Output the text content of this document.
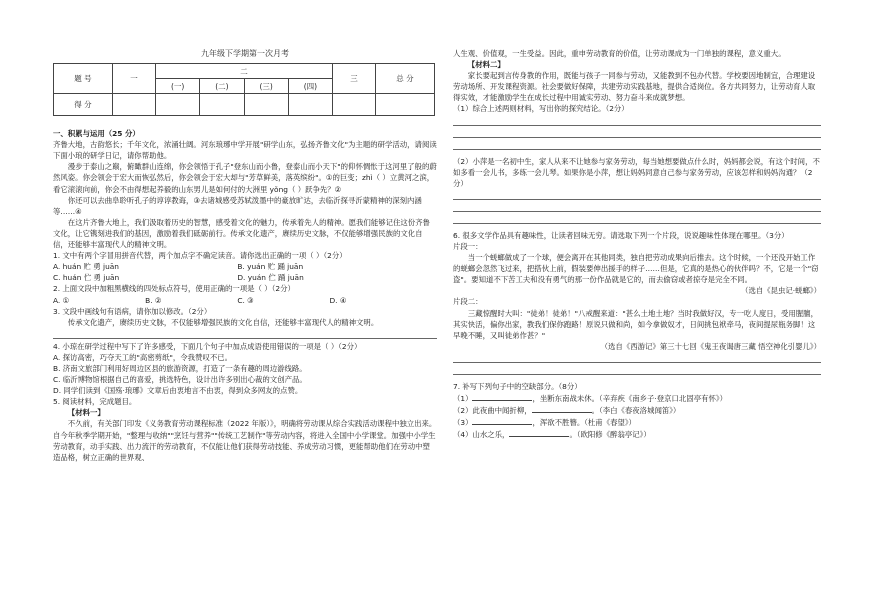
九年级下学期第一次月考
题 号	一	二				三	总 分
		(一)	(二)	(三)	(四)		
得 分							

一、积累与运用（25 分）

齐鲁大地，古韵悠长；千年文化，浓涌壮阔。河东琅琊中学开展"研学山东，弘扬齐鲁文化"为主题的研学活动，请阅读下面小琅的研学日记，请你帮助他。

漫步于泰山之巅，俯瞰群山连绵，你会领悟于孔子"登东山而小鲁，登泰山而小天下"的仰怀惆怅于这河里了般的蔚然风姿。你会领会于宏大而恢弘然后，你会领会于宏大却与"芳草鲜美，落英缤纷"。①的巨变；zhì（ ）立黄河之滨，看它滚滚向前，你会不由得想起养毅的山东男儿是如何付的大洲里 yǒng（ ）跃争先？②

你还可以去曲阜聆听孔子的谆谆教诲，③去诸城感受苏轼泼墨中的豪放旷达，去临沂探寻沂蒙精神的深刻内涵等……④

在这片齐鲁大地上，我们汲取着历史的智慧，感受着文化的魅力，传承着先人的精神。愿我们能够记住这份齐鲁文化，让它镌刻进我们的基因，激励着我们砥砺前行。传承文化遗产，赓续历史文脉，不仅能够增强民族的文化自信，还能够丰富现代人的精神文明。

1. 文中有两个字冒用拼音代替，两个加点字不确定读音。请你选出正确的一项（ ）（2分）

A. huán 贮 勇 juān	B. yuán 贮 踊 juān C. huán 伫 勇 juān	D. yuán 伫 踊 juān

2. 上面文段中加粗黑横线的四处标点符号，使用正确的一项是（ ）（2分）

A. ①	B. ②	C. ③	D. ④

3. 文段中画线句有语病，请你加以修改。（2分）

传承文化遗产，赓续历史文脉，不仅能够增强民族的文化自信，还能够丰富现代人的精神文明。

4. 小琼在研学过程中写下了许多感受，下面几个句子中加点成语使用错误的一项是（ ）（2分）

A. 探访高密，巧夺天工的"高密剪纸"，令我赞叹不已。

B. 济南文旅部门利用好周边区县的旅游资源，打造了一条有趣的周边游线路。

C. 临沂博物馆根据自己的喜爱，挑选特色，设计出许多别出心裁的文创产品。

D. 同学们读到《国殇·琅琊》文章后由衷地言不由衷，得到众多网友的点赞。

5. 阅读材料，完成题目。

【材料一】

不久前，有关部门印发《义务教育劳动课程标准（2022 年版）》，明确将劳动课从综合实践活动课程中独立出来。自今年秋季学期开始，"整理与收纳""烹饪与营养""传统工艺制作"等劳动内容，将进入全国中小学课堂。加强中小学生劳动教育，动手实践、出力流汗的劳动教育，不仅能让他们获得劳动技能、养成劳动习惯，更能帮助他们在劳动中塑造品格，树立正确的世界观、

人生观、价值观，一生受益。因此，重申劳动教育的价值，让劳动课成为一门单独的课程，意义重大。

【材料二】

家长要起到言传身教的作用，既能与孩子一同参与劳动，又能教到不包办代替。学校要因地制宜，合理建设劳动场所、开发课程资源。社会要做好保障，共建劳动实践基地，提供合适岗位。各方共同努力，让劳动育人取得实效，才能激励学生在成长过程中用诚实劳动、努力奋斗来成就梦想。

（1）综合上述两则材料，写出你的探究结论。（2分）

（2）小萍是一名初中生，家人从来不让她参与家务劳动，每当她想要做点什么时，妈妈都会说，有这个时间，不如多看一会儿书，多练一会儿琴。如果你是小萍，想让妈妈同意自己参与家务劳动，应该怎样和妈妈沟通？（2分）

6. 很多文学作品具有趣味性，让读者回味无穷。请选取下列一个片段，说说趣味性体现在哪里。（3分）

片段一：

当一个蜣螂做成了一个球，便会离开在其他同类，独自把劳动成果向后推去。这个时候，一个还没开始工作的蜣螂会忽然飞过来，把搭伙上前，假装要伸出援手的样子……但是，它真的是热心的伙伴吗？不，它是一个"窃盗"。要知道不下苦工夫和没有勇气的那一份作品就是它的，而去偷窃或者掠夺是完全不同。

（选自《昆虫记·蜣螂》）

片段二：

三藏惊醒时大叫："徒弟！徒弟！"八戒醒来道："甚么土地土地？当时我做好汉，专一吃人度日，受用腥膻，其实快活，偏你出家，教我们保你跑路！原说只做和尚，如今拿做奴才，日间挑包袱牵马，夜间提尿瓶务脚！这早晚不睡，又叫徒弟作甚？"

（选自《西游记》第三十七回《鬼王夜谒唐三藏 悟空神化引婴儿》）

7. 补写下列句子中的空缺部分。（8分）

（1）	，坐断东南战未休。（辛弃疾《南乡子·登京口北固亭有怀》）

（2）此夜曲中闻折柳，	。（李白《春夜洛城闻笛》）

（3）	，浑欲不胜簪。（杜甫《春望》）

（4）山水之乐，	。（欧阳修《醉翁亭记》）
